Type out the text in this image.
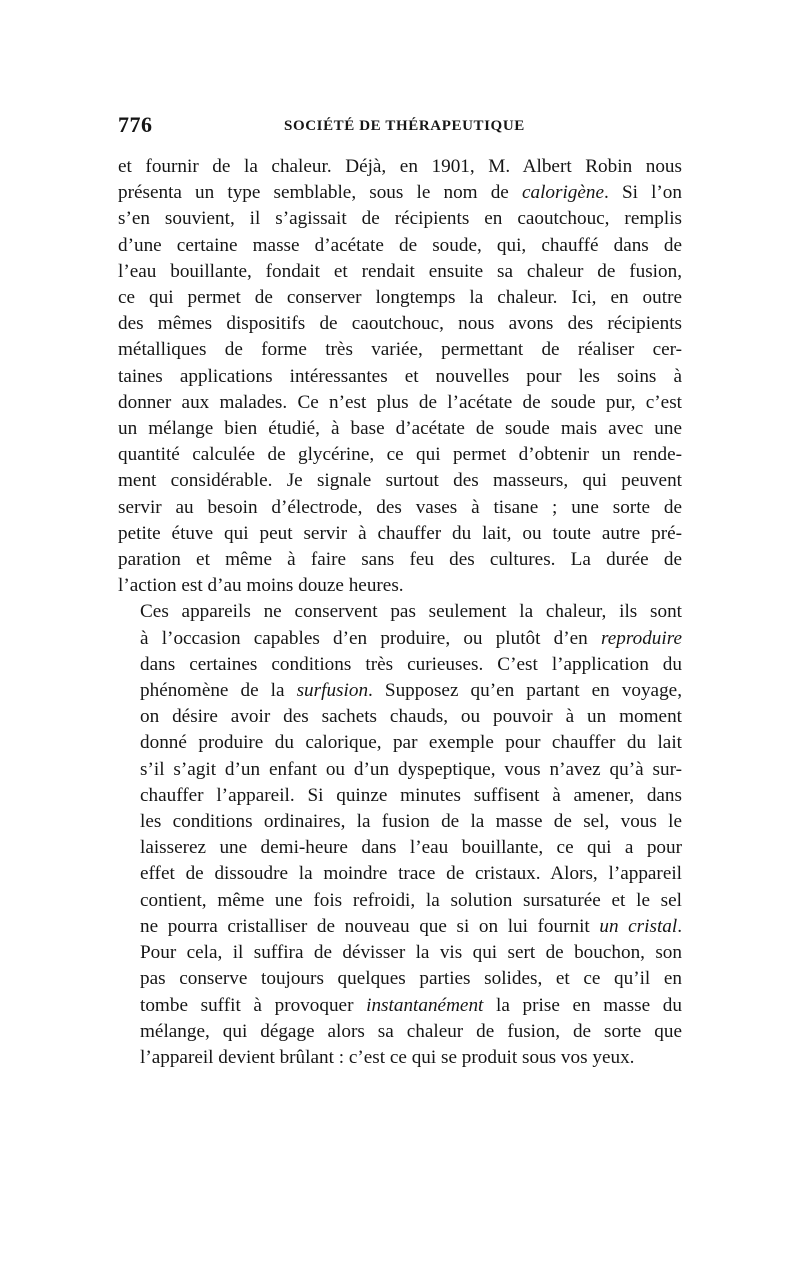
776	SOCIÉTÉ DE THÉRAPEUTIQUE
et fournir de la chaleur. Déjà, en 1901, M. Albert Robin nous
présenta un type semblable, sous le nom de calorigène. Si l’on
s’en souvient, il s’agissait de récipients en caoutchouc, remplis
d’une certaine masse d’acétate de soude, qui, chauffé dans de
l’eau bouillante, fondait et rendait ensuite sa chaleur de fusion,
ce qui permet de conserver longtemps la chaleur. Ici, en outre
des mêmes dispositifs de caoutchouc, nous avons des récipients
métalliques de forme très variée, permettant de réaliser cer-
taines applications intéressantes et nouvelles pour les soins à
donner aux malades. Ce n’est plus de l’acétate de soude pur, c’est
un mélange bien étudié, à base d’acétate de soude mais avec une
quantité calculée de glycérine, ce qui permet d’obtenir un rende-
ment considérable. Je signale surtout des masseurs, qui peuvent
servir au besoin d’électrode, des vases à tisane ; une sorte de
petite étuve qui peut servir à chauffer du lait, ou toute autre pré-
paration et même à faire sans feu des cultures. La durée de
l’action est d’au moins douze heures.
Ces appareils ne conservent pas seulement la chaleur, ils sont
à l’occasion capables d’en produire, ou plutôt d’en reproduire
dans certaines conditions très curieuses. C’est l’application du
phénomène de la surfusion. Supposez qu’en partant en voyage,
on désire avoir des sachets chauds, ou pouvoir à un moment
donné produire du calorique, par exemple pour chauffer du lait
s’il s’agit d’un enfant ou d’un dyspeptique, vous n’avez qu’à sur-
chauffer l’appareil. Si quinze minutes suffisent à amener, dans
les conditions ordinaires, la fusion de la masse de sel, vous le
laisserez une demi-heure dans l’eau bouillante, ce qui a pour
effet de dissoudre la moindre trace de cristaux. Alors, l’appareil
contient, même une fois refroidi, la solution sursaturée et le sel
ne pourra cristalliser de nouveau que si on lui fournit un cristal.
Pour cela, il suffira de dévisser la vis qui sert de bouchon, son
pas conserve toujours quelques parties solides, et ce qu’il en
tombe suffit à provoquer instantanément la prise en masse du
mélange, qui dégage alors sa chaleur de fusion, de sorte que
l’appareil devient brûlant : c’est ce qui se produit sous vos yeux.
